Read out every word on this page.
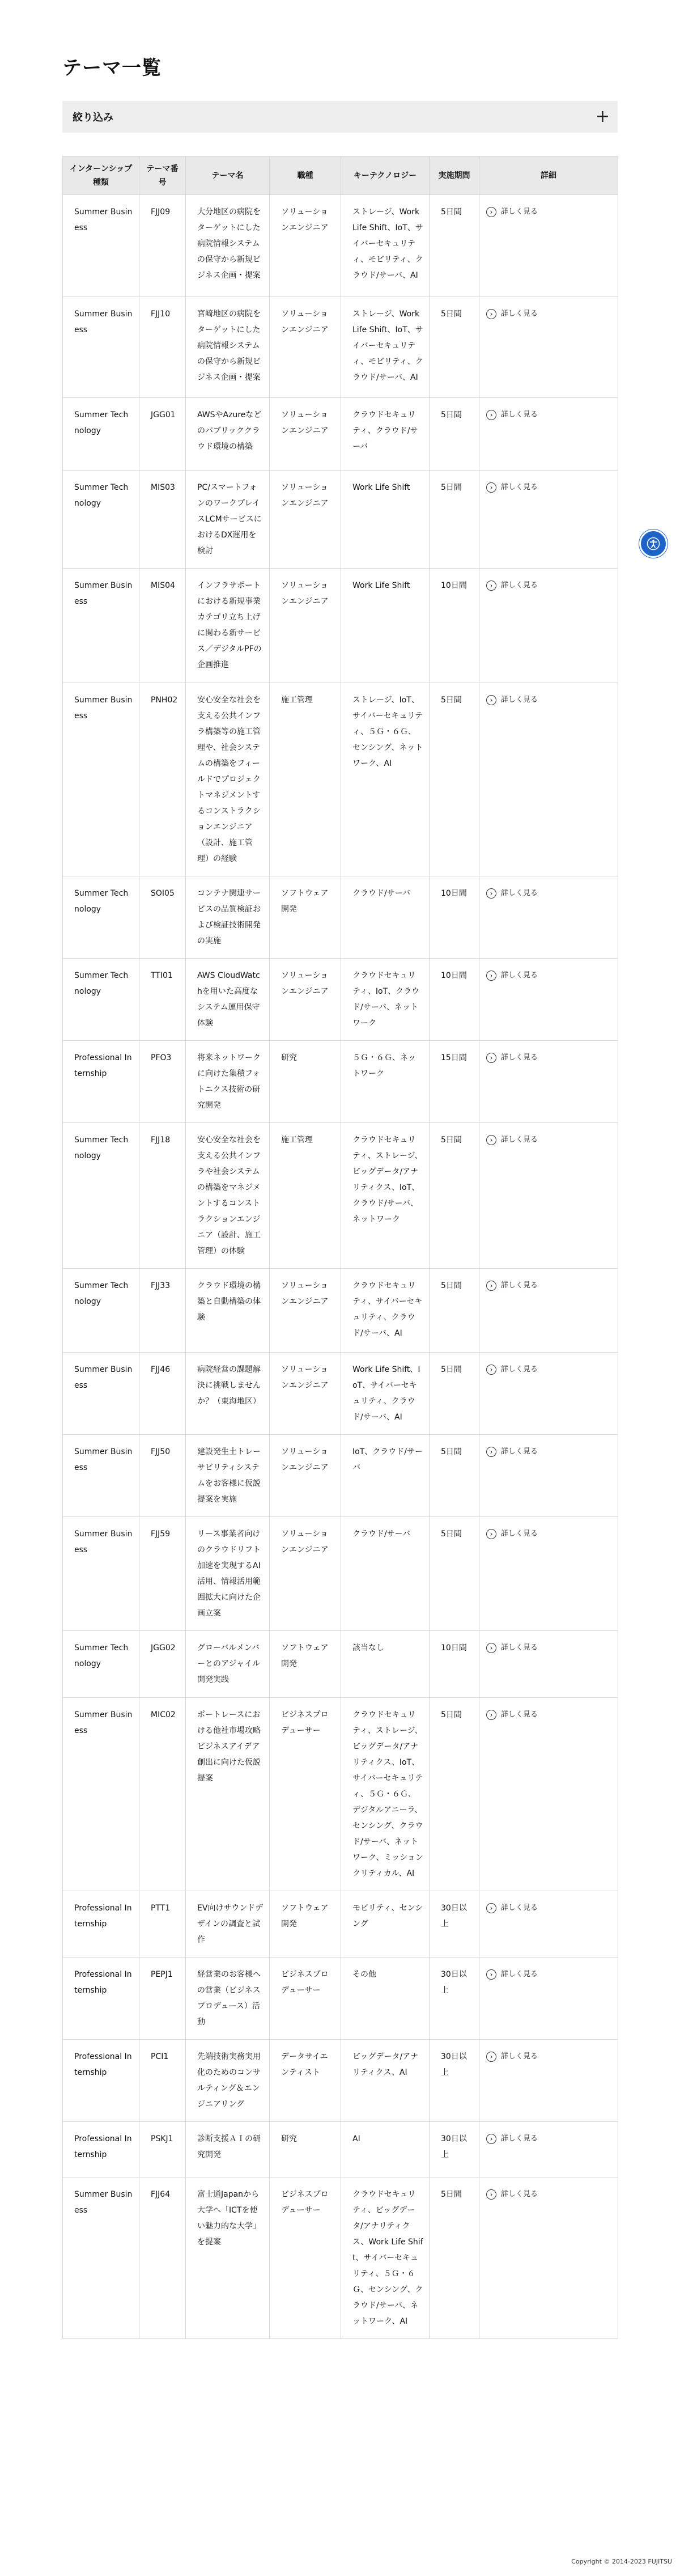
テーマ一覧
絞り込み	+
インターンシップ種類	テーマ番号	テーマ名	職種	キーテクノロジー	実施期間	詳細
Summer Business	FJJ09	大分地区の病院をターゲットにした病院情報システムの保守から新規ビジネス企画・提案	ソリューションエンジニア	ストレージ、Work Life Shift、IoT、サイバーセキュリティ、モビリティ、クラウド/サーバ、AI	5日間	› 詳しく見る

Summer Business	FJJ10	宮崎地区の病院をターゲットにした病院情報システムの保守から新規ビジネス企画・提案	ソリューションエンジニア	ストレージ、Work Life Shift、IoT、サイバーセキュリティ、モビリティ、クラウド/サーバ、AI	5日間	› 詳しく見る

Summer Technology	JGG01	AWSやAzureなどのパブリッククラウド環境の構築	ソリューションエンジニア	クラウドセキュリティ、クラウド/サーバ	5日間	› 詳しく見る

Summer Technology	MIS03	PC/スマートフォンのワークプレイスLCMサービスにおけるDX運用を検討	ソリューションエンジニア	Work Life Shift	5日間	› 詳しく見る

Summer Business	MIS04	インフラサポートにおける新規事業カテゴリ立ち上げに関わる新サービス／デジタルPFの企画推進	ソリューションエンジニア	Work Life Shift	10日間	› 詳しく見る

Summer Business	PNH02	安心安全な社会を支える公共インフラ構築等の施工管理や、社会システムの構築をフィールドでプロジェクトマネジメントするコンストラクションエンジニア（設計、施工管理）の経験	施工管理	ストレージ、IoT、サイバーセキュリティ、５Ｇ・６Ｇ、センシング、ネットワーク、AI	5日間	› 詳しく見る

Summer Technology	SOI05	コンテナ関連サービスの品質検証および検証技術開発の実施	ソフトウェア開発	クラウド/サーバ	10日間	› 詳しく見る

Summer Technology	TTI01	AWS CloudWatchを用いた高度なシステム運用保守体験	ソリューションエンジニア	クラウドセキュリティ、IoT、クラウド/サーバ、ネットワーク	10日間	› 詳しく見る

Professional Internship	PFO3	将来ネットワークに向けた集積フォトニクス技術の研究開発	研究	５Ｇ・６Ｇ、ネットワーク	15日間	› 詳しく見る

Summer Technology	FJJ18	安心安全な社会を支える公共インフラや社会システムの構築をマネジメントするコンストラクションエンジニア（設計、施工管理）の体験	施工管理	クラウドセキュリティ、ストレージ、ビッグデータ/アナリティクス、IoT、クラウド/サーバ、ネットワーク	5日間	› 詳しく見る

Summer Technology	FJJ33	クラウド環境の構築と自動構築の体験	ソリューションエンジニア	クラウドセキュリティ、サイバーセキュリティ、クラウド/サーバ、AI	5日間	› 詳しく見る

Summer Business	FJJ46	病院経営の課題解決に挑戦しませんか？（東海地区）	ソリューションエンジニア	Work Life Shift、IoT、サイバーセキュリティ、クラウド/サーバ、AI	5日間	› 詳しく見る

Summer Business	FJJ50	建設発生土トレーサビリティシステムをお客様に仮説提案を実施	ソリューションエンジニア	IoT、クラウド/サーバ	5日間	› 詳しく見る

Summer Business	FJJ59	リース事業者向けのクラウドリフト加速を実現するAI活用、情報活用範囲拡大に向けた企画立案	ソリューションエンジニア	クラウド/サーバ	5日間	› 詳しく見る

Summer Technology	JGG02	グローバルメンバーとのアジャイル開発実践	ソフトウェア開発	該当なし	10日間	› 詳しく見る

Summer Business	MIC02	ポートレースにおける他社市場攻略ビジネスアイデア創出に向けた仮説提案	ビジネスプロデューサー	クラウドセキュリティ、ストレージ、ビッグデータ/アナリティクス、IoT、サイバーセキュリティ、５Ｇ・６Ｇ、デジタルアニーラ、センシング、クラウド/サーバ、ネットワーク、ミッションクリティカル、AI	5日間	› 詳しく見る

Professional Internship	PTT1	EV向けサウンドデザインの調査と試作	ソフトウェア開発	モビリティ、センシング	30日以上	› 詳しく見る

Professional Internship	PEPJ1	経営業のお客様への営業（ビジネスプロデュース）活動	ビジネスプロデューサー	その他	30日以上	› 詳しく見る

Professional Internship	PCI1	先端技術実務実用化のためのコンサルティング＆エンジニアリング	データサイエンティスト	ビッグデータ/アナリティクス、AI	30日以上	› 詳しく見る

Professional Internship	PSKJ1	診断支援ＡＩの研究開発	研究	AI	30日以上	› 詳しく見る

Summer Business	FJJ64	富士通Japanから大学へ「ICTを使い魅力的な大学」を提案	ビジネスプロデューサー	クラウドセキュリティ、ビッグデータ/アナリティクス、Work Life Shift、サイバーセキュリティ、５Ｇ・６Ｇ、センシング、クラウド/サーバ、ネットワーク、AI	5日間	› 詳しく見る
Copyright © 2014-2023 FUJITSU
